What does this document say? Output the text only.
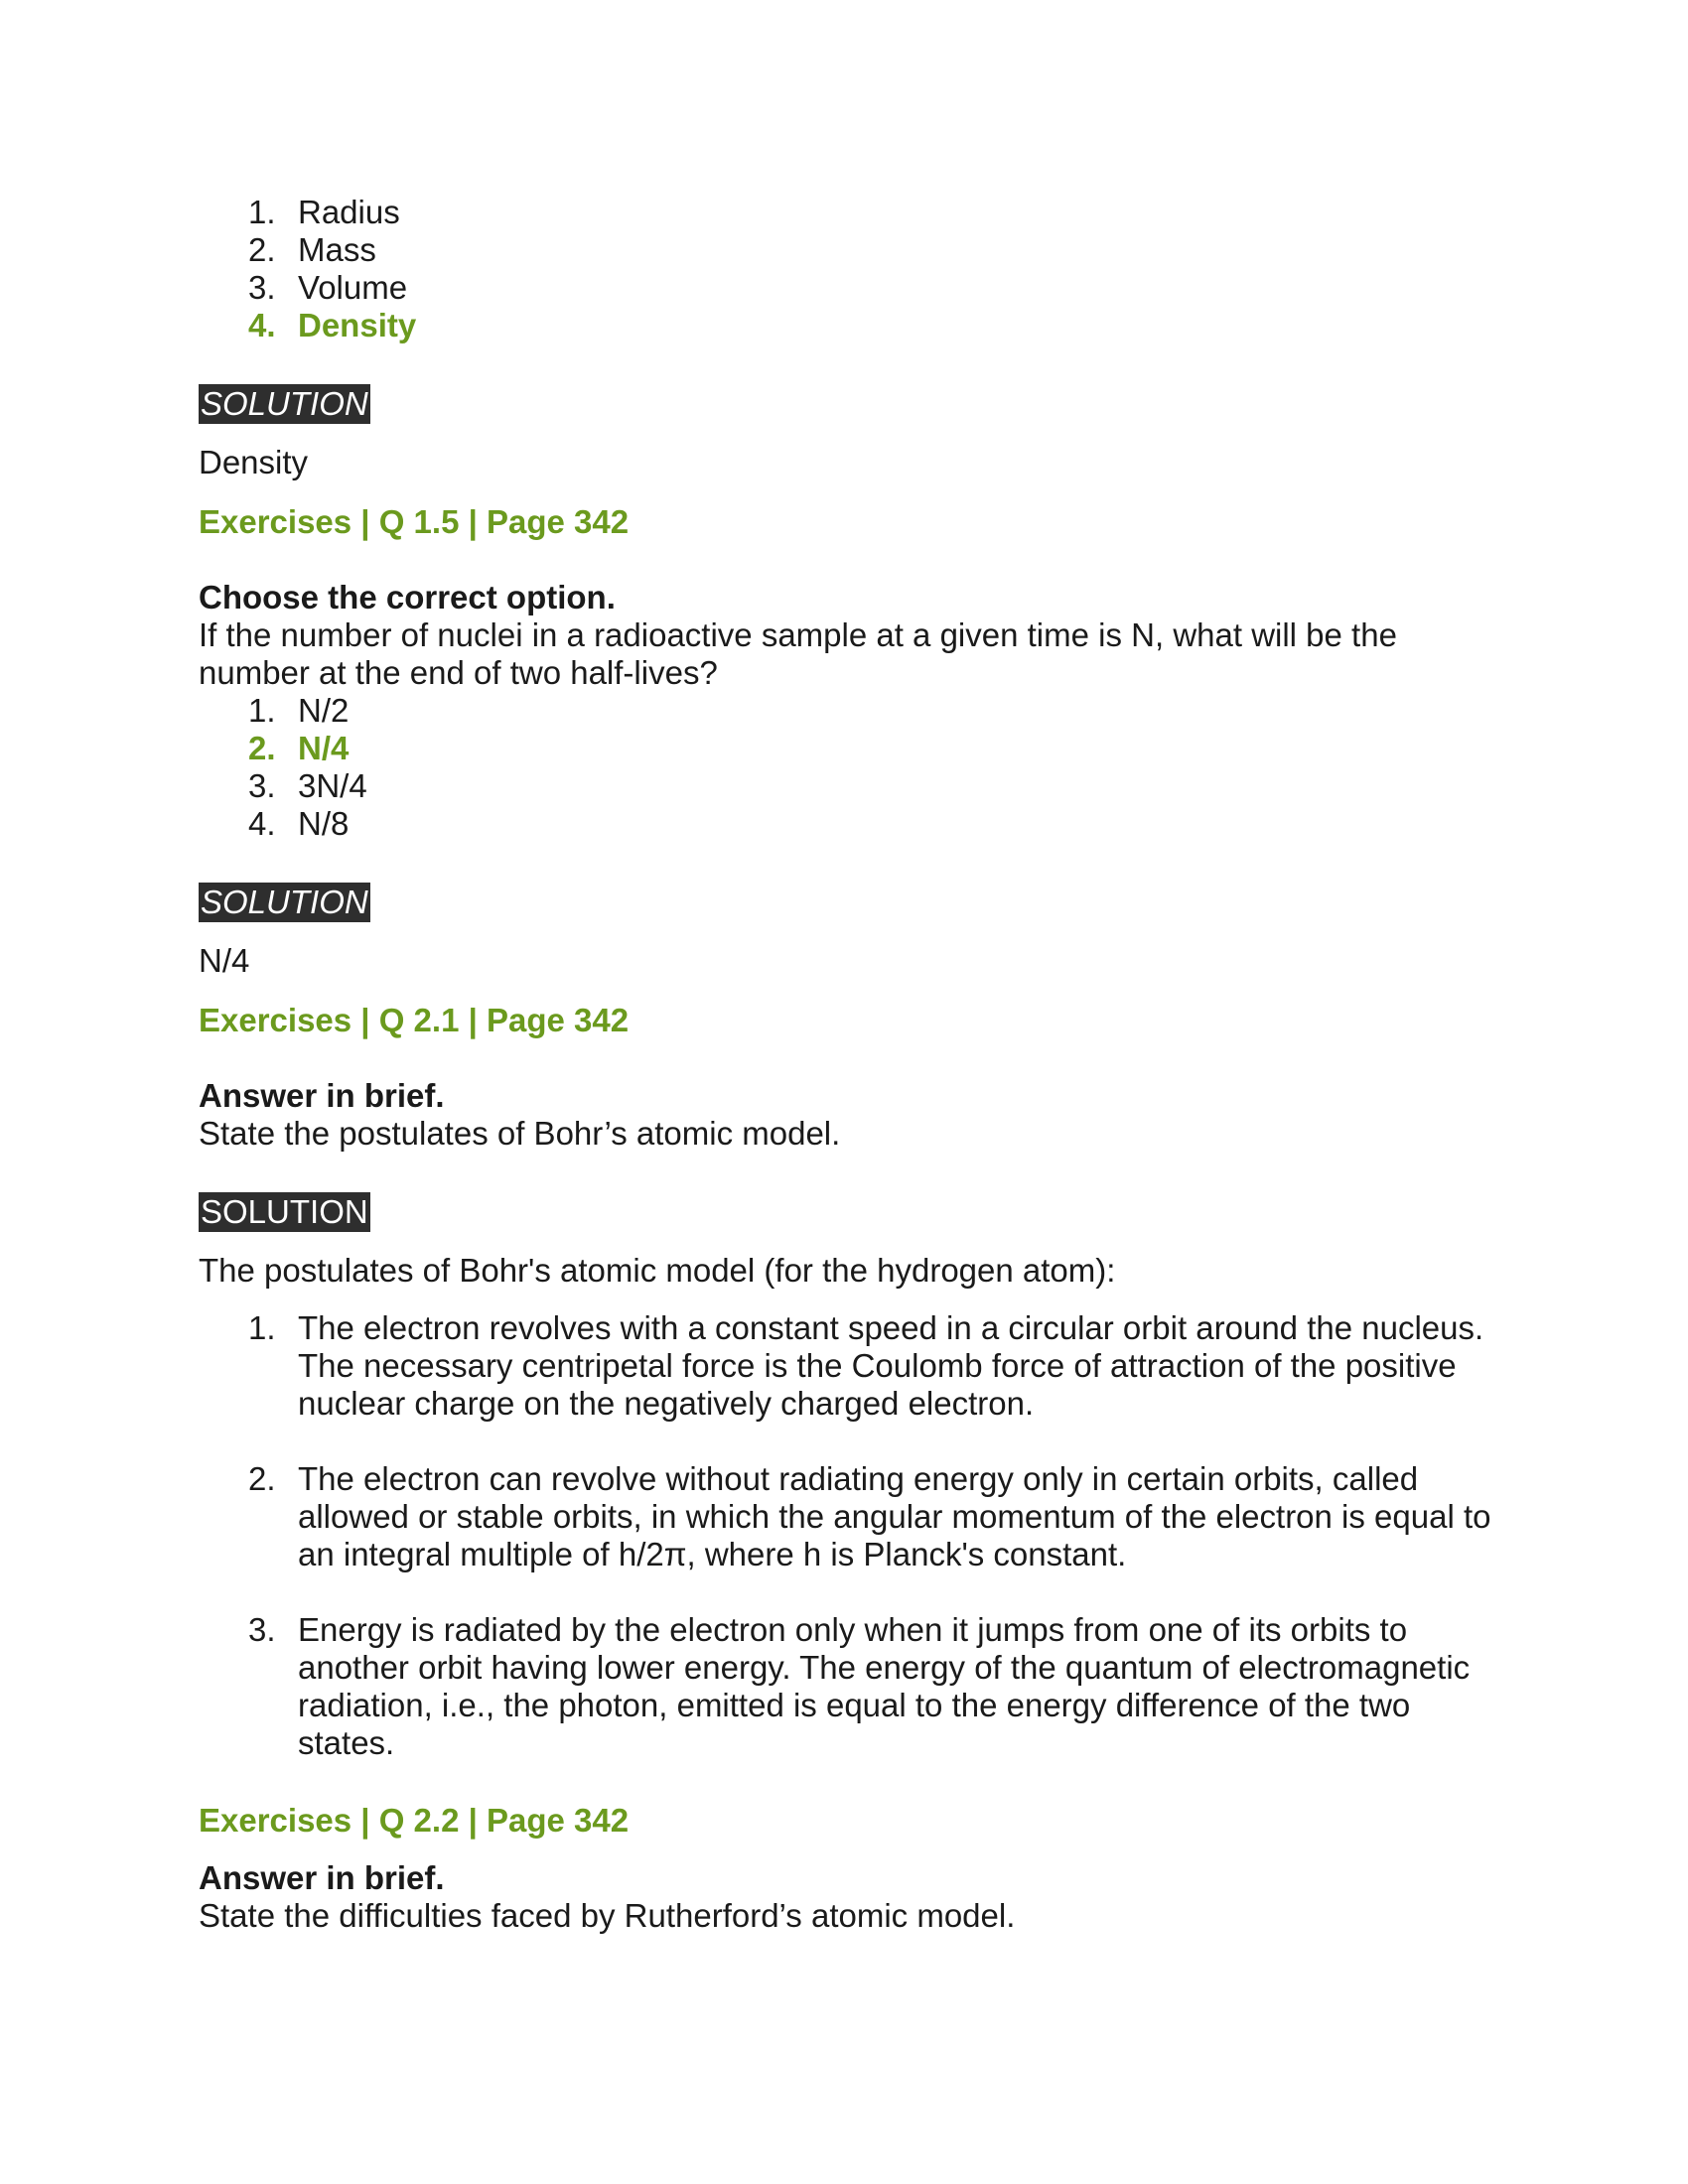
1. Radius
2. Mass
3. Volume
4. Density
SOLUTION

Density

Exercises | Q 1.5 | Page 342

Choose the correct option.

If the number of nuclei in a radioactive sample at a given time is N, what will be the number at the end of two half-lives?

1. N/2
2. N/4
3. 3N/4
4. N/8
SOLUTION

N/4

Exercises | Q 2.1 | Page 342

Answer in brief.

State the postulates of Bohr’s atomic model.

SOLUTION

The postulates of Bohr's atomic model (for the hydrogen atom):

1. The electron revolves with a constant speed in a circular orbit around the nucleus. The necessary centripetal force is the Coulomb force of attraction of the positive nuclear charge on the negatively charged electron.
2. The electron can revolve without radiating energy only in certain orbits, called allowed or stable orbits, in which the angular momentum of the electron is equal to an integral multiple of h/2π, where h is Planck's constant.
3. Energy is radiated by the electron only when it jumps from one of its orbits to another orbit having lower energy. The energy of the quantum of electromagnetic radiation, i.e., the photon, emitted is equal to the energy difference of the two states.

Exercises | Q 2.2 | Page 342

Answer in brief.

State the difficulties faced by Rutherford’s atomic model.
